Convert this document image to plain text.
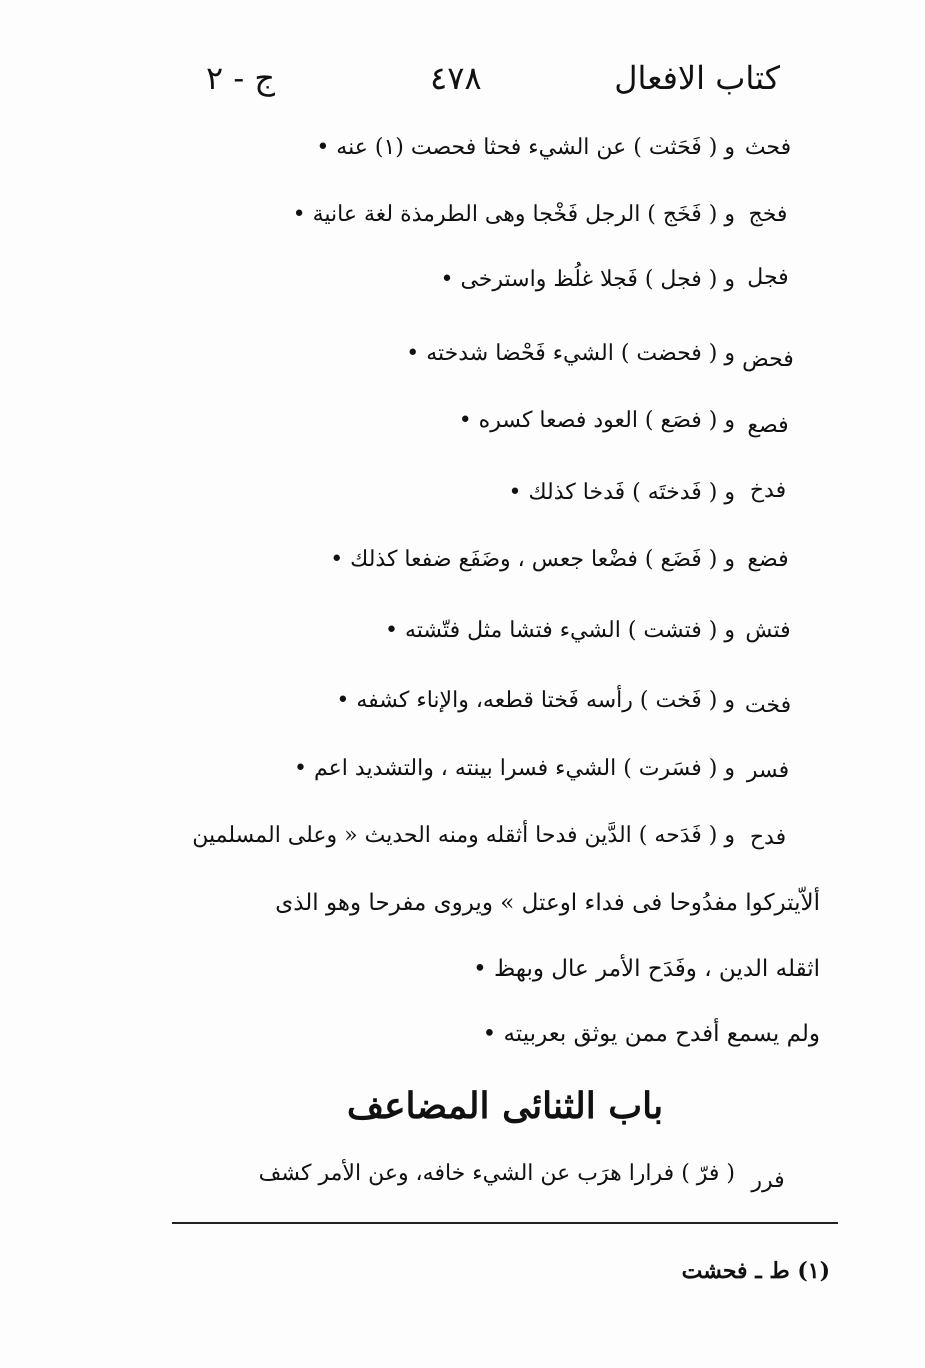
كتاب الافعال
٤٧٨
ج - ٢
و ( فَحَثت ) عن الشيء فحثا فحصت (١) عنه • فحث
و ( فَخَج ) الرجل فَخْجا وهى الطرمذة لغة عانية • فخج
و ( فجل ) فَجلا غلُظ واسترخى • فجل
و ( فحضت ) الشيء فَحْضا شدخته • فحض
و ( فصَع ) العود فصعا كسره • فصع
و ( فَدختَه ) فَدخا كذلك • فدخ
و ( فَضَع ) فضْعا جعس ، وضَفَع ضفعا كذلك • فضع
و ( فتشت ) الشيء فتشا مثل فتّشته • فتش
و ( فَخت ) رأسه فَختا قطعه، والإناء كشفه • فخت
و ( فسَرت ) الشيء فسرا بينته ، والتشديد اعم • فسر
و ( فَدَحه ) الدَّين فدحا أثقله ومنه الحديث « وعلى المسلمين فدح
ألاّيتركوا مفدُوحا فى فداء اوعتل » ويروى مفرحا وهو الذى
اثقله الدين ، وفَدَح الأمر عال وبهظ •
ولم يسمع أفدح ممن يوثق بعربيته •
باب الثنائى المضاعف
( فرّ ) فرارا هرَب عن الشيء خافه، وعن الأمر كشف فرر
(١) ط ـ فحشت
